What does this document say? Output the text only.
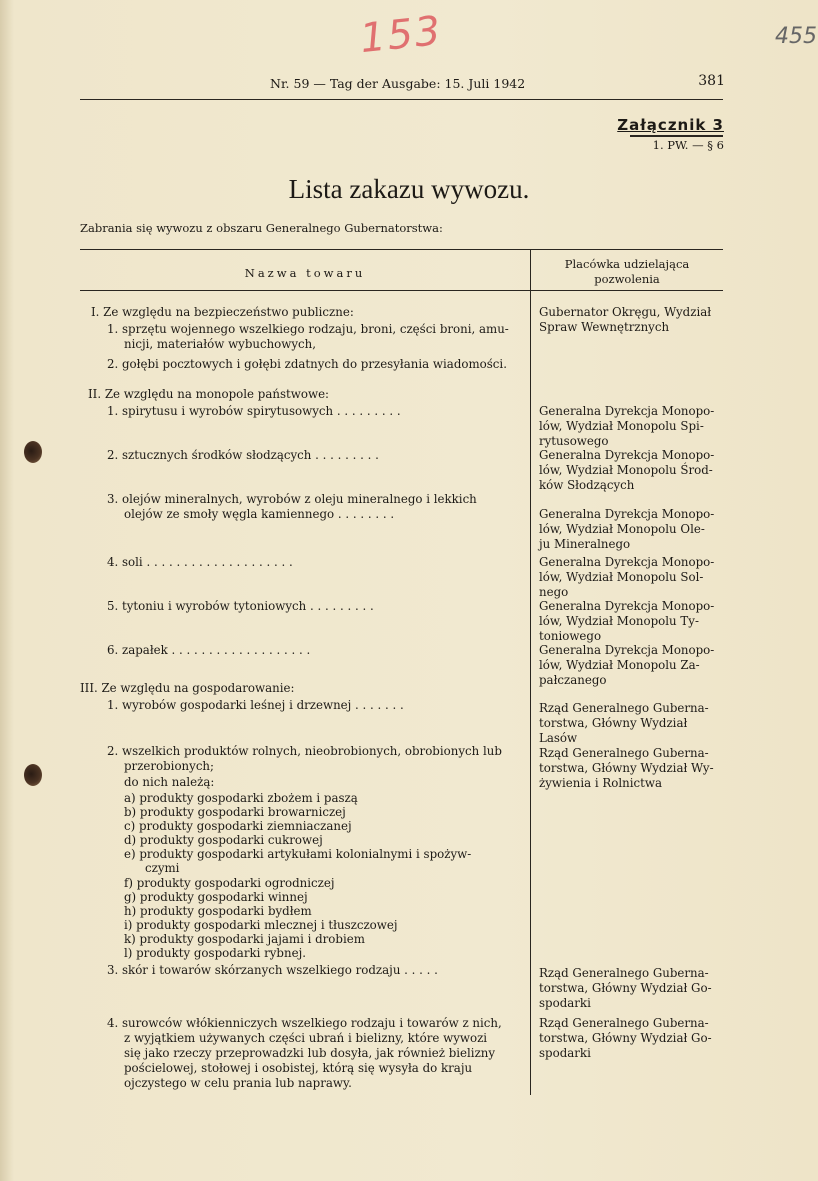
153	455
Nr. 59 — Tag der Ausgabe: 15. Juli 1942	381
Załącznik 3
1. PW. — § 6
Lista zakazu wywozu.
Zabrania się wywozu z obszaru Generalnego Gubernatorstwa:
Nazwa towaru
Placówka udzielająca
pozwolenia
I. Ze względu na bezpieczeństwo publiczne:
1. sprzętu wojennego wszelkiego rodzaju, broni, części broni, amu-
nicji, materiałów wybuchowych,
2. gołębi pocztowych i gołębi zdatnych do przesyłania wiadomości.
II. Ze względu na monopole państwowe:
1. spirytusu i wyrobów spirytusowych . . . . . . . . .
2. sztucznych środków słodzących . . . . . . . . .
3. olejów mineralnych, wyrobów z oleju mineralnego i lekkich
olejów ze smoły węgla kamiennego . . . . . . . .
4. soli . . . . . . . . . . . . . . . . . . . .
5. tytoniu i wyrobów tytoniowych . . . . . . . . .
6. zapałek . . . . . . . . . . . . . . . . . . .
III. Ze względu na gospodarowanie:
1. wyrobów gospodarki leśnej i drzewnej . . . . . . .
2. wszelkich produktów rolnych, nieobrobionych, obrobionych lub
przerobionych;
do nich należą:
a) produkty gospodarki zbożem i paszą
b) produkty gospodarki browarniczej
c) produkty gospodarki ziemniaczanej
d) produkty gospodarki cukrowej
e) produkty gospodarki artykułami kolonialnymi i spożyw-
czymi
f) produkty gospodarki ogrodniczej
g) produkty gospodarki winnej
h) produkty gospodarki bydłem
i) produkty gospodarki mlecznej i tłuszczowej
k) produkty gospodarki jajami i drobiem
l) produkty gospodarki rybnej.
3. skór i towarów skórzanych wszelkiego rodzaju . . . . .
4. surowców włókienniczych wszelkiego rodzaju i towarów z nich,
z wyjątkiem używanych części ubrań i bielizny, które wywozi
się jako rzeczy przeprowadzki lub dosyła, jak również bielizny
pościelowej, stołowej i osobistej, którą się wysyła do kraju
ojczystego w celu prania lub naprawy.
Gubernator Okręgu, Wydział
Spraw Wewnętrznych
Generalna Dyrekcja Monopo-
lów, Wydział Monopolu Spi-
rytusowego
Generalna Dyrekcja Monopo-
lów, Wydział Monopolu Środ-
ków Słodzących
Generalna Dyrekcja Monopo-
lów, Wydział Monopolu Ole-
ju Mineralnego
Generalna Dyrekcja Monopo-
lów, Wydział Monopolu Sol-
nego
Generalna Dyrekcja Monopo-
lów, Wydział Monopolu Ty-
toniowego
Generalna Dyrekcja Monopo-
lów, Wydział Monopolu Za-
pałczanego
Rząd Generalnego Guberna-
torstwa, Główny Wydział
Lasów
Rząd Generalnego Guberna-
torstwa, Główny Wydział Wy-
żywienia i Rolnictwa
Rząd Generalnego Guberna-
torstwa, Główny Wydział Go-
spodarki
Rząd Generalnego Guberna-
torstwa, Główny Wydział Go-
spodarki
